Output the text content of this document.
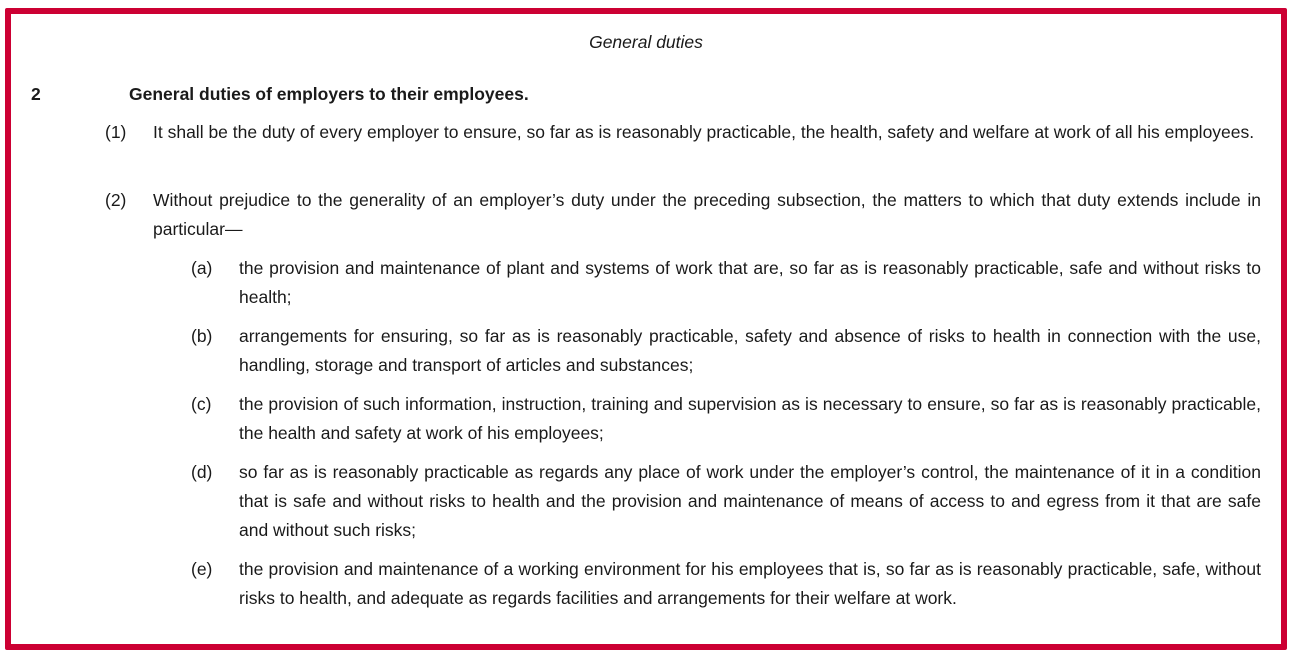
General duties
2	General duties of employers to their employees.
(1) It shall be the duty of every employer to ensure, so far as is reasonably practicable, the health, safety and welfare at work of all his employees.
(2) Without prejudice to the generality of an employer’s duty under the preceding subsection, the matters to which that duty extends include in particular—
(a) the provision and maintenance of plant and systems of work that are, so far as is reasonably practicable, safe and without risks to health;
(b) arrangements for ensuring, so far as is reasonably practicable, safety and absence of risks to health in connection with the use, handling, storage and transport of articles and substances;
(c) the provision of such information, instruction, training and supervision as is necessary to ensure, so far as is reasonably practicable, the health and safety at work of his employees;
(d) so far as is reasonably practicable as regards any place of work under the employer’s control, the maintenance of it in a condition that is safe and without risks to health and the provision and maintenance of means of access to and egress from it that are safe and without such risks;
(e) the provision and maintenance of a working environment for his employees that is, so far as is reasonably practicable, safe, without risks to health, and adequate as regards facilities and arrangements for their welfare at work.
